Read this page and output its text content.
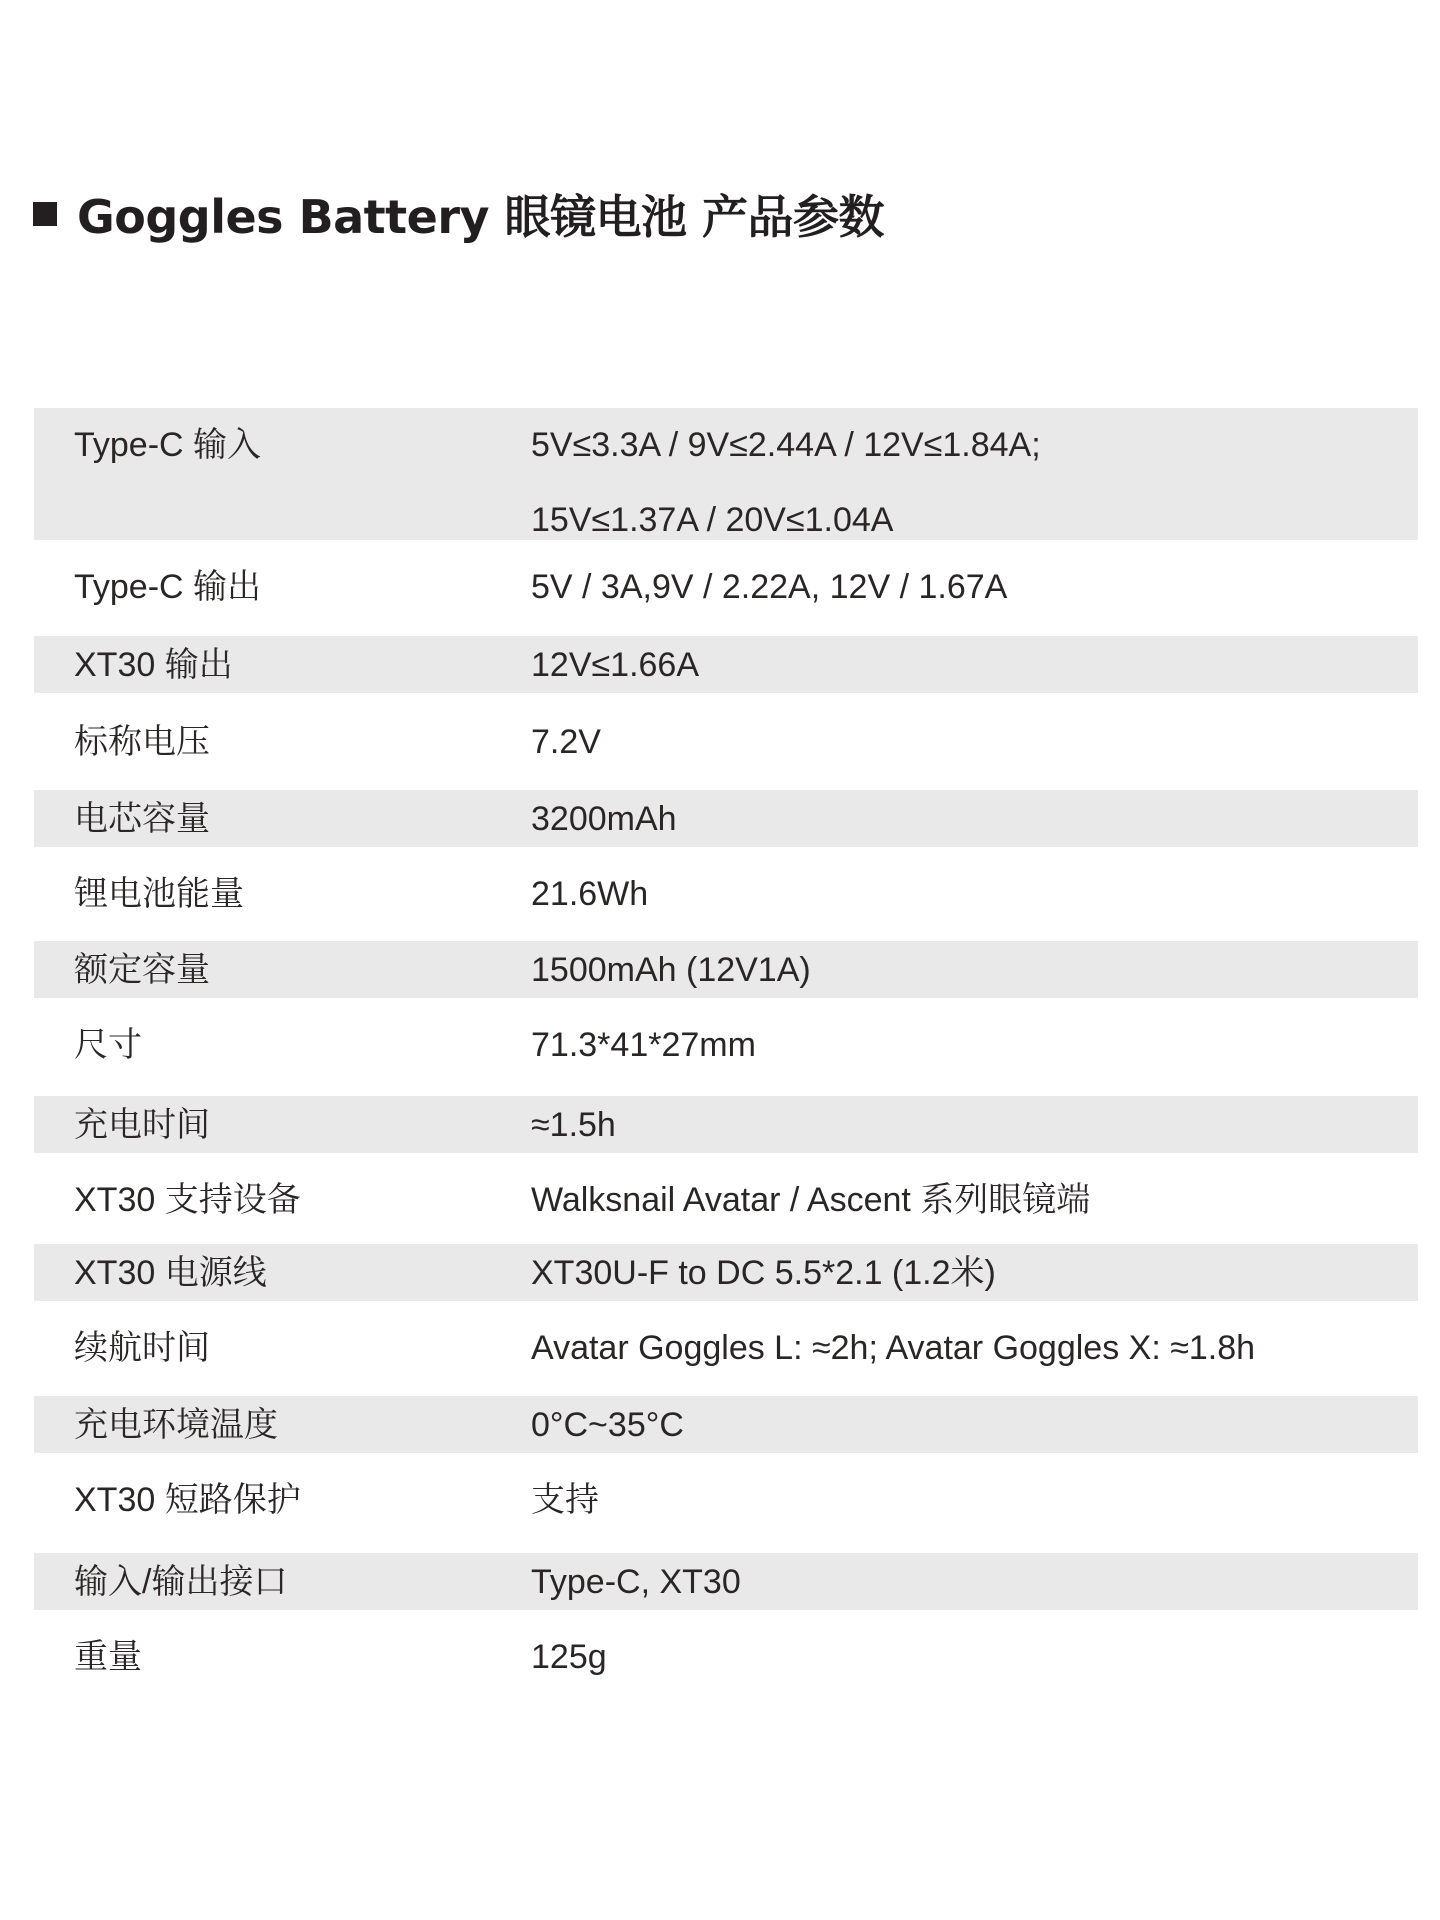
Goggles Battery 眼镜电池 产品参数
Type-C 输入	5V≤3.3A / 9V≤2.44A / 12V≤1.84A;
15V≤1.37A / 20V≤1.04A
Type-C 输出	5V / 3A,9V / 2.22A, 12V / 1.67A
XT30 输出	12V≤1.66A
标称电压	7.2V
电芯容量	3200mAh
锂电池能量	21.6Wh
额定容量	1500mAh (12V1A)
尺寸	71.3*41*27mm
充电时间	≈1.5h
XT30 支持设备	Walksnail Avatar / Ascent 系列眼镜端
XT30 电源线	XT30U-F to DC 5.5*2.1 (1.2米)
续航时间	Avatar Goggles L: ≈2h; Avatar Goggles X: ≈1.8h
充电环境温度	0°C~35°C
XT30 短路保护	支持
输入/输出接口	Type-C, XT30
重量	125g
